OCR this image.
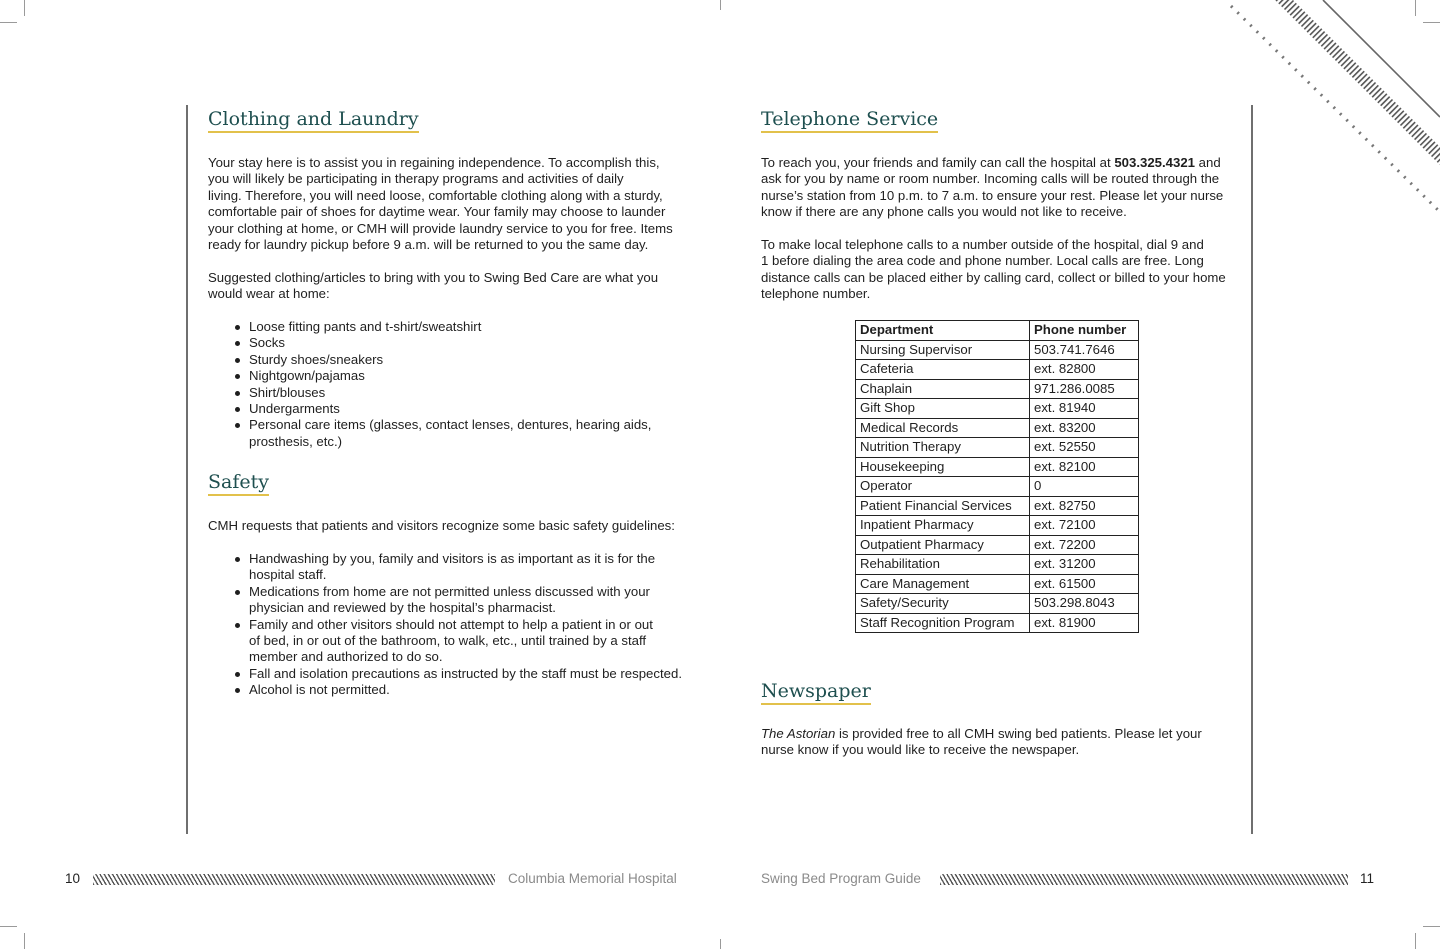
Clothing and Laundry
Your stay here is to assist you in regaining independence. To accomplish this,
you will likely be participating in therapy programs and activities of daily
living. Therefore, you will need loose, comfortable clothing along with a sturdy,
comfortable pair of shoes for daytime wear. Your family may choose to launder
your clothing at home, or CMH will provide laundry service to you for free. Items
ready for laundry pickup before 9 a.m. will be returned to you the same day.
Suggested clothing/articles to bring with you to Swing Bed Care are what you
would wear at home:
Loose fitting pants and t-shirt/sweatshirt
Socks
Sturdy shoes/sneakers
Nightgown/pajamas
Shirt/blouses
Undergarments
Personal care items (glasses, contact lenses, dentures, hearing aids,
prosthesis, etc.)
Safety
CMH requests that patients and visitors recognize some basic safety guidelines:
Handwashing by you, family and visitors is as important as it is for the
hospital staff.
Medications from home are not permitted unless discussed with your
physician and reviewed by the hospital’s pharmacist.
Family and other visitors should not attempt to help a patient in or out
of bed, in or out of the bathroom, to walk, etc., until trained by a staff
member and authorized to do so.
Fall and isolation precautions as instructed by the staff must be respected.
Alcohol is not permitted.
Telephone Service
To reach you, your friends and family can call the hospital at 503.325.4321 and
ask for you by name or room number. Incoming calls will be routed through the
nurse’s station from 10 p.m. to 7 a.m. to ensure your rest. Please let your nurse
know if there are any phone calls you would not like to receive.
To make local telephone calls to a number outside of the hospital, dial 9 and
1 before dialing the area code and phone number. Local calls are free. Long
distance calls can be placed either by calling card, collect or billed to your home
telephone number.
Department	Phone number
Nursing Supervisor	503.741.7646
Cafeteria	ext. 82800
Chaplain	971.286.0085
Gift Shop	ext. 81940
Medical Records	ext. 83200
Nutrition Therapy	ext. 52550
Housekeeping	ext. 82100
Operator	0
Patient Financial Services	ext. 82750
Inpatient Pharmacy	ext. 72100
Outpatient Pharmacy	ext. 72200
Rehabilitation	ext. 31200
Care Management	ext. 61500
Safety/Security	503.298.8043
Staff Recognition Program	ext. 81900
Newspaper
The Astorian is provided free to all CMH swing bed patients. Please let your
nurse know if you would like to receive the newspaper.
10	Columbia Memorial Hospital	Swing Bed Program Guide	11
